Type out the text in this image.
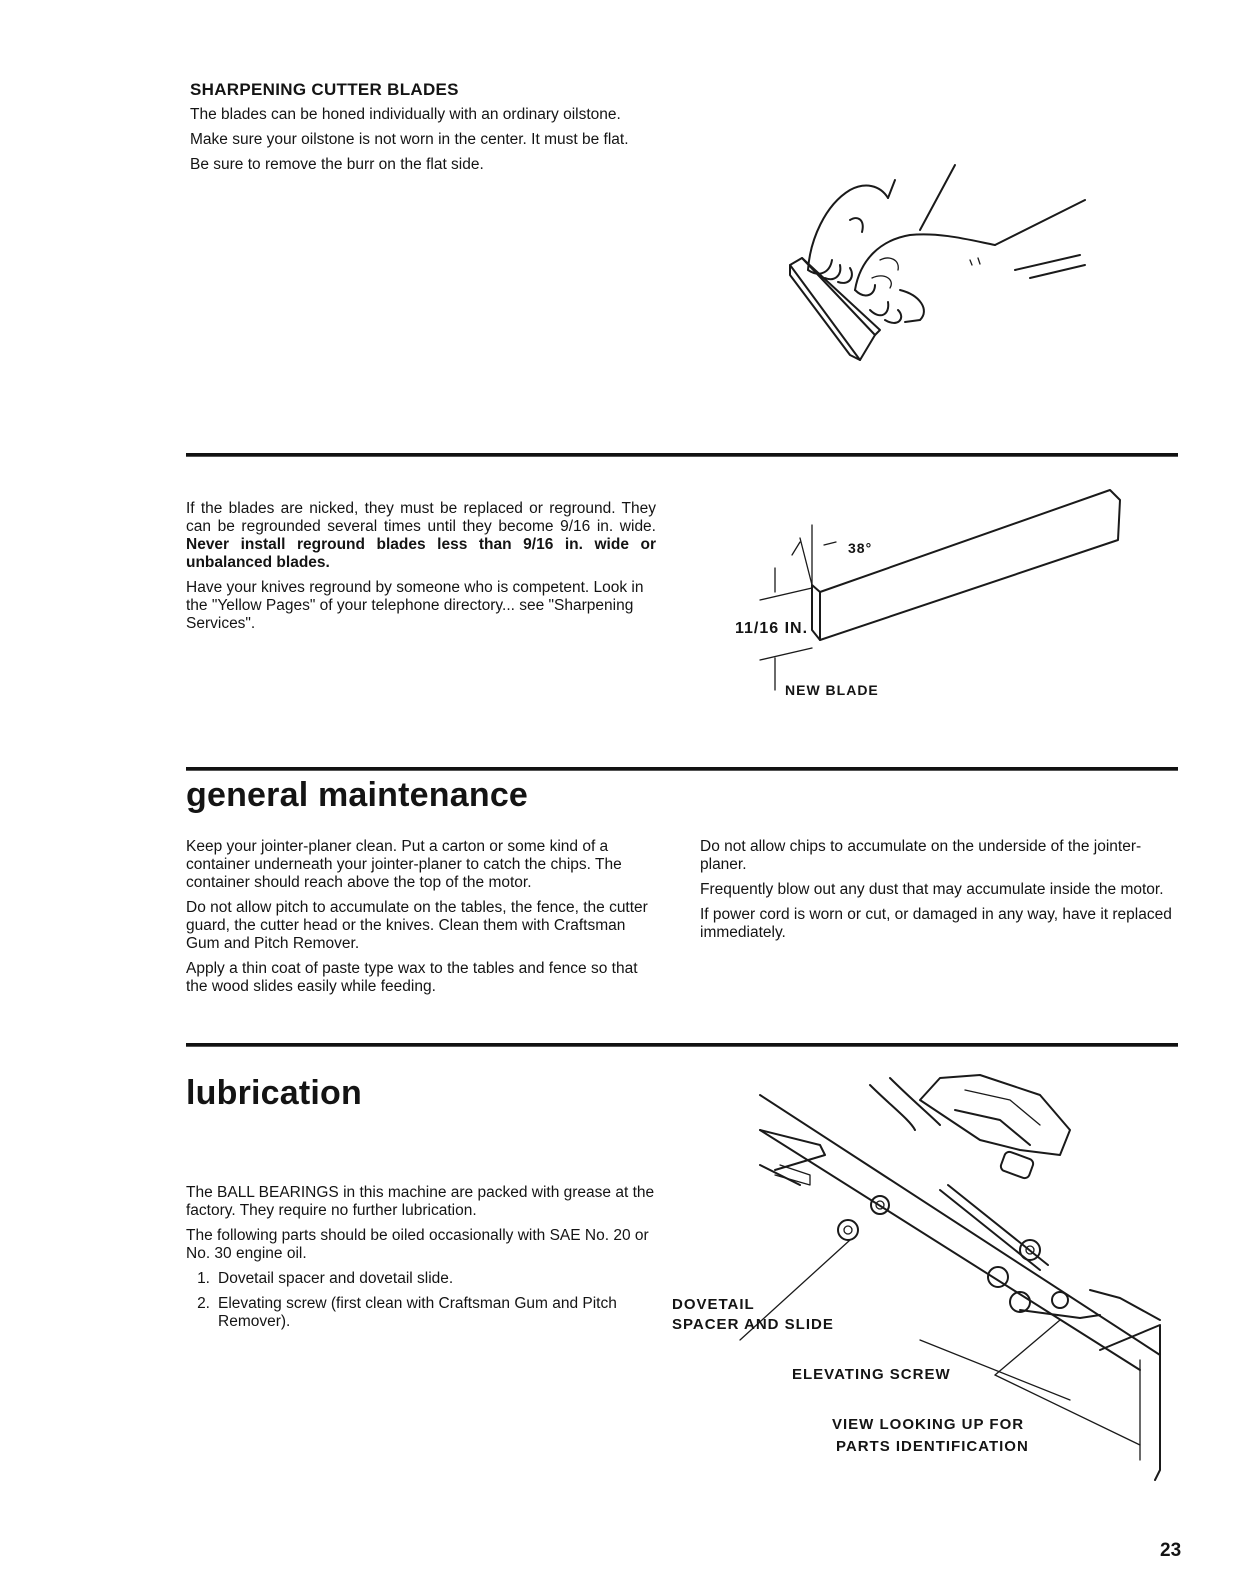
SHARPENING CUTTER BLADES

The blades can be honed individually with an ordinary oilstone.

Make sure your oilstone is not worn in the center. It must be flat.

Be sure to remove the burr on the flat side.

If the blades are nicked, they must be replaced or reground. They can be regrounded several times until they become 9/16 in. wide. Never install reground blades less than 9/16 in. wide or unbalanced blades.

Have your knives reground by someone who is competent. Look in the "Yellow Pages" of your telephone directory... see "Sharpening Services".

38°
11/16 IN.
NEW BLADE
general maintenance

Keep your jointer-planer clean. Put a carton or some kind of a container underneath your jointer-planer to catch the chips. The container should reach above the top of the motor.

Do not allow pitch to accumulate on the tables, the fence, the cutter guard, the cutter head or the knives. Clean them with Craftsman Gum and Pitch Remover.

Apply a thin coat of paste type wax to the tables and fence so that the wood slides easily while feeding.

Do not allow chips to accumulate on the underside of the jointer-planer.

Frequently blow out any dust that may accumulate inside the motor.

If power cord is worn or cut, or damaged in any way, have it replaced immediately.

lubrication

The BALL BEARINGS in this machine are packed with grease at the factory. They require no further lubrication.

The following parts should be oiled occasionally with SAE No. 20 or No. 30 engine oil.

1. Dovetail spacer and dovetail slide.
2. Elevating screw (first clean with Craftsman Gum and Pitch Remover).
DOVETAIL
SPACER AND SLIDE
ELEVATING SCREW
VIEW LOOKING UP FOR
PARTS IDENTIFICATION
23
